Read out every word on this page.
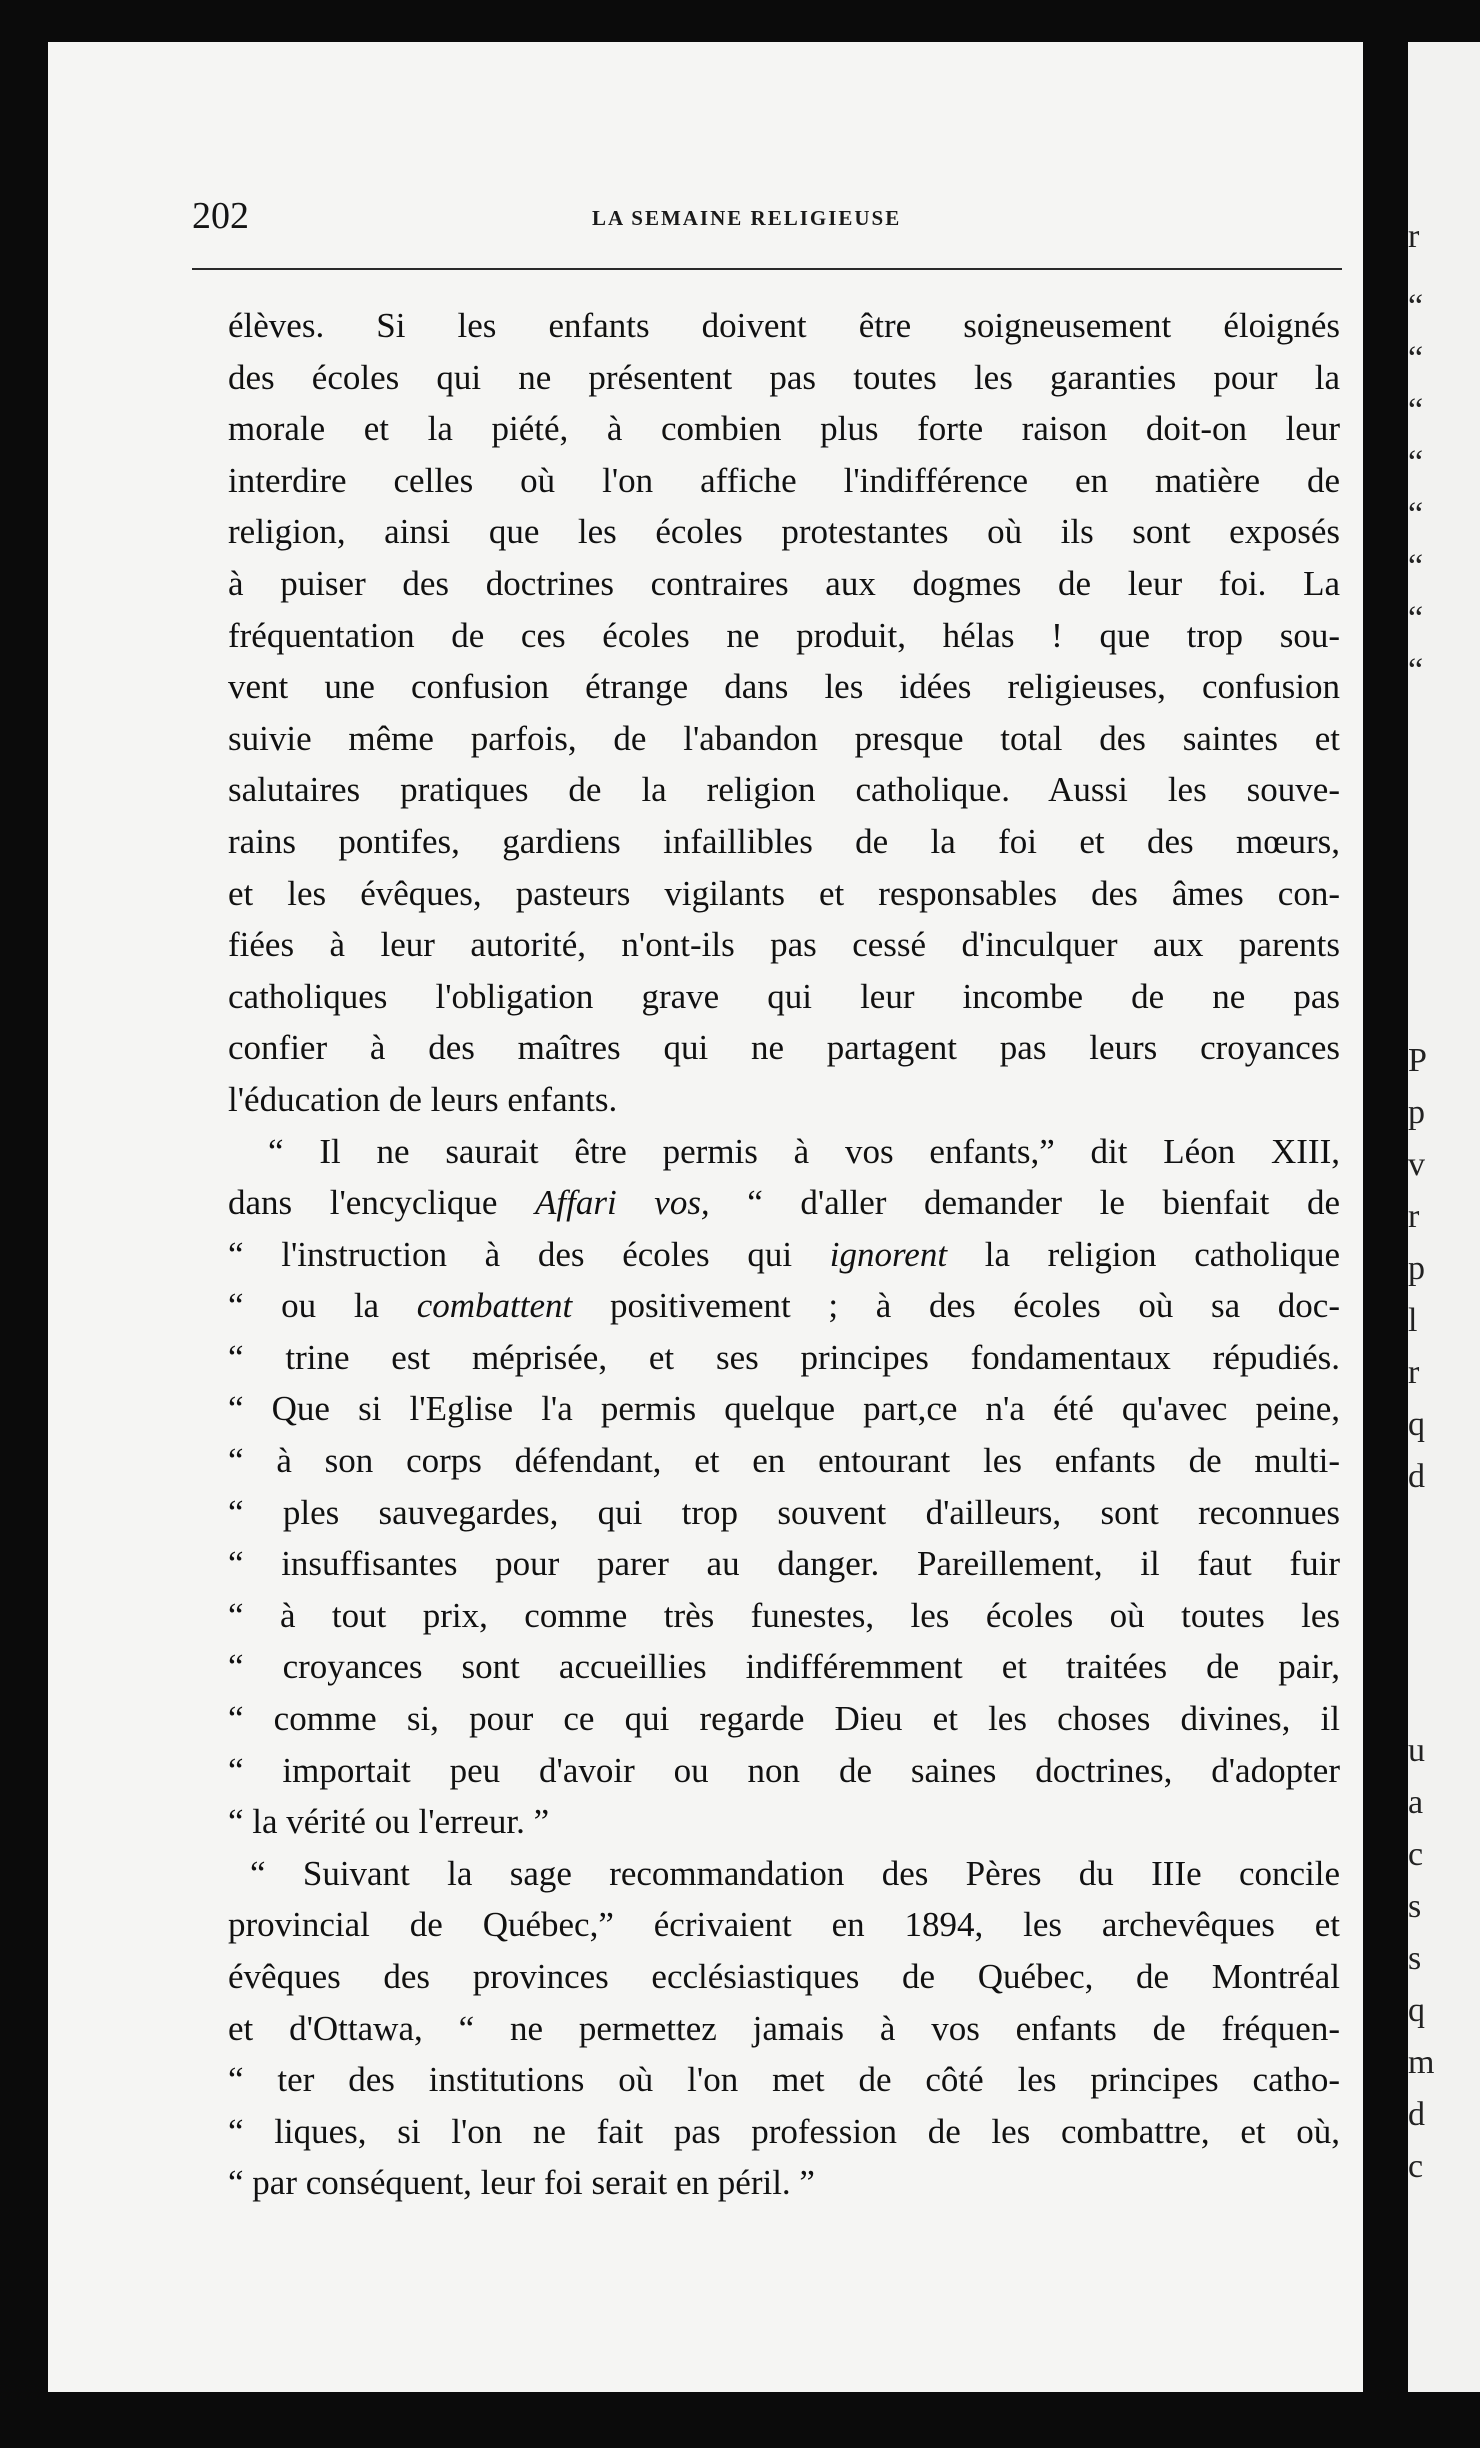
r
“
“
“
“
“
“
“
“
P
p
v
r
p
l
r
q
d
u
a
c
s
s
q
m
d
c
202	LA SEMAINE RELIGIEUSE
élèves. Si les enfants doivent être soigneusement éloignés
des écoles qui ne présentent pas toutes les garanties pour la
morale et la piété, à combien plus forte raison doit-on leur
interdire celles où l'on affiche l'indifférence en matière de
religion, ainsi que les écoles protestantes où ils sont exposés
à puiser des doctrines contraires aux dogmes de leur foi. La
fréquentation de ces écoles ne produit, hélas ! que trop sou-
vent une confusion étrange dans les idées religieuses, confusion
suivie même parfois, de l'abandon presque total des saintes et
salutaires pratiques de la religion catholique. Aussi les souve-
rains pontifes, gardiens infaillibles de la foi et des mœurs,
et les évêques, pasteurs vigilants et responsables des âmes con-
fiées à leur autorité, n'ont-ils pas cessé d'inculquer aux parents
catholiques l'obligation grave qui leur incombe de ne pas
confier à des maîtres qui ne partagent pas leurs croyances
l'éducation de leurs enfants.
“ Il ne saurait être permis à vos enfants,” dit Léon XIII,
dans l'encyclique Affari vos, “ d'aller demander le bienfait de
“ l'instruction à des écoles qui ignorent la religion catholique
“ ou la combattent positivement ; à des écoles où sa doc-
“ trine est méprisée, et ses principes fondamentaux répudiés.
“ Que si l'Eglise l'a permis quelque part,ce n'a été qu'avec peine,
“ à son corps défendant, et en entourant les enfants de multi-
“ ples sauvegardes, qui trop souvent d'ailleurs, sont reconnues
“ insuffisantes pour parer au danger. Pareillement, il faut fuir
“ à tout prix, comme très funestes, les écoles où toutes les
“ croyances sont accueillies indifféremment et traitées de pair,
“ comme si, pour ce qui regarde Dieu et les choses divines, il
“ importait peu d'avoir ou non de saines doctrines, d'adopter
“ la vérité ou l'erreur. ”
“ Suivant la sage recommandation des Pères du IIIe concile
provincial de Québec,” écrivaient en 1894, les archevêques et
évêques des provinces ecclésiastiques de Québec, de Montréal
et d'Ottawa, “ ne permettez jamais à vos enfants de fréquen-
“ ter des institutions où l'on met de côté les principes catho-
“ liques, si l'on ne fait pas profession de les combattre, et où,
“ par conséquent, leur foi serait en péril. ”
